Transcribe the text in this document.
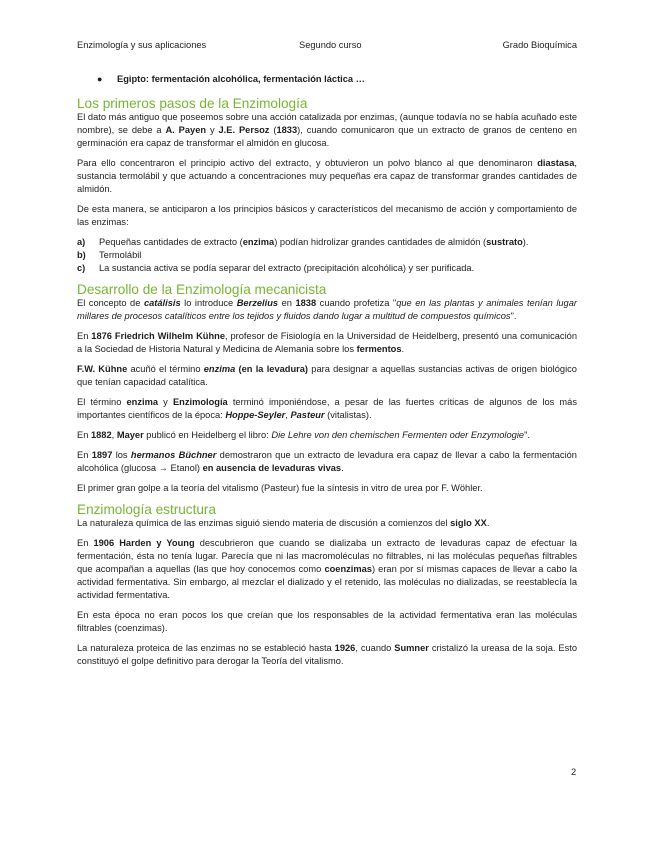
Enzimología y sus aplicaciones	Segundo curso	Grado Bioquímica
●	Egipto: fermentación alcohólica, fermentación láctica …
Los primeros pasos de la Enzimología

El dato más antiguo que poseemos sobre una acción catalizada por enzimas, (aunque todavía no se había acuñado este nombre), se debe a A. Payen y J.E. Persoz (1833), cuando comunicaron que un extracto de granos de centeno en germinación era capaz de transformar el almidón en glucosa.

Para ello concentraron el principio activo del extracto, y obtuvieron un polvo blanco al que denominaron diastasa, sustancia termolábil y que actuando a concentraciones muy pequeñas era capaz de transformar grandes cantidades de almidón.

De esta manera, se anticiparon a los principios básicos y característicos del mecanismo de acción y comportamiento de las enzimas:

a)	Pequeñas cantidades de extracto (enzima) podían hidrolizar grandes cantidades de almidón (sustrato).
b)	Termolábil
c)	La sustancia activa se podía separar del extracto (precipitación alcohólica) y ser purificada.
Desarrollo de la Enzimología mecanicista

El concepto de catálisis lo introduce Berzelius en 1838 cuando profetiza "que en las plantas y animales tenían lugar millares de procesos catalíticos entre los tejidos y fluidos dando lugar a multitud de compuestos químicos".

En 1876 Friedrich Wilhelm Kühne, profesor de Fisiología en la Universidad de Heidelberg, presentó una comunicación a la Sociedad de Historia Natural y Medicina de Alemania sobre los fermentos.

F.W. Kühne acuñó el término enzima (en la levadura) para designar a aquellas sustancias activas de origen biológico que tenían capacidad catalítica.

El término enzima y Enzimología terminó imponiéndose, a pesar de las fuertes críticas de algunos de los más importantes científicos de la época: Hoppe-Seyler, Pasteur (vitalistas).

En 1882, Mayer publicó en Heidelberg el libro: Die Lehre von den chemischen Fermenten oder Enzymologie".

En 1897 los hermanos Büchner demostraron que un extracto de levadura era capaz de llevar a cabo la fermentación alcohólica (glucosa → Etanol) en ausencia de levaduras vivas.

El primer gran golpe a la teoría del vitalismo (Pasteur) fue la síntesis in vitro de urea por F. Wöhler.

Enzimología estructura

La naturaleza química de las enzimas siguió siendo materia de discusión a comienzos del siglo XX.

En 1906 Harden y Young descubrieron que cuando se dializaba un extracto de levaduras capaz de efectuar la fermentación, ésta no tenía lugar. Parecía que ni las macromoléculas no filtrables, ni las moléculas pequeñas filtrables que acompañan a aquellas (las que hoy conocemos como coenzimas) eran por sí mismas capaces de llevar a cabo la actividad fermentativa. Sin embargo, al mezclar el dializado y el retenido, las moléculas no dializadas, se reestablecía la actividad fermentativa.

En esta época no eran pocos los que creían que los responsables de la actividad fermentativa eran las moléculas filtrables (coenzimas).

La naturaleza proteica de las enzimas no se estableció hasta 1926, cuando Sumner cristalizó la ureasa de la soja. Esto constituyó el golpe definitivo para derogar la Teoría del vitalismo.

2
